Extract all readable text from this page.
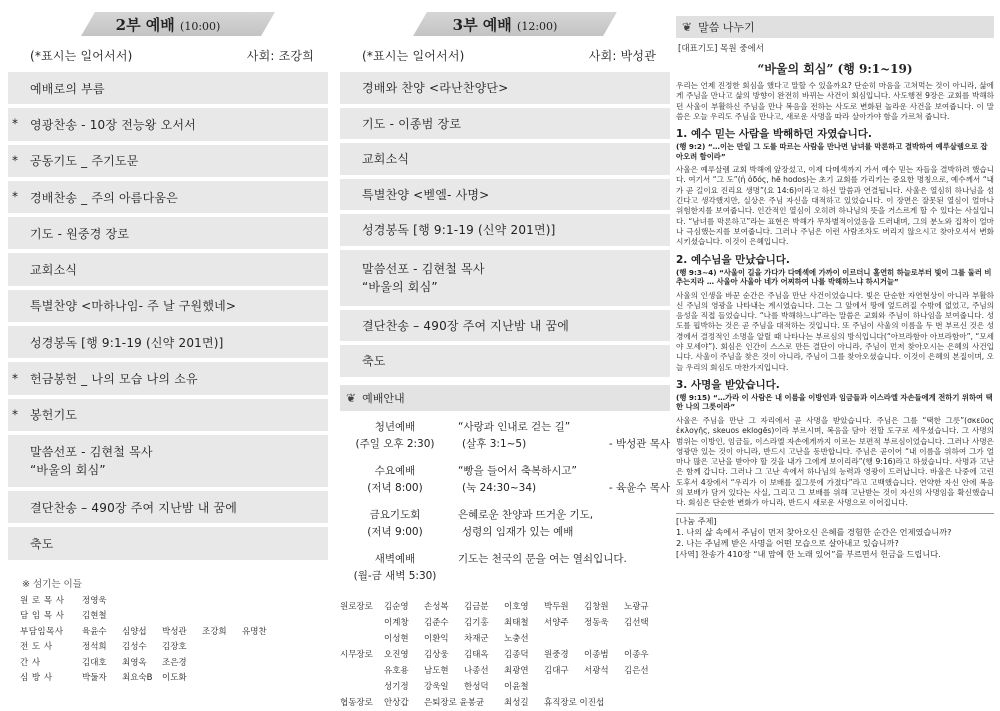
2부 예배 (10:00)
(*표시는 일어서서)	사회: 조강희
예배로의 부름
* 영광찬송 - 10장 전능왕 오서서
* 공동기도 _ 주기도문
* 경배찬송 _ 주의 아름다움은
기도 - 원중경 장로
교회소식
특별찬양 <마하나임- 주 날 구원했네>
성경봉독 [행 9:1-19 (신약 201면)]
* 헌금봉헌 _ 나의 모습 나의 소유
* 봉헌기도
말씀선포 - 김현철 목사
“바울의 회심”
결단찬송 – 490장 주여 지난밤 내 꿈에
축도
※ 섬기는 이들
원 로 목 사	정영욱
담 임 목 사	김현철
부담임목사	육윤수	심양섭	박성관	조강희	유명찬
전 도 사	정석희	김성수	김장호
간 사	김대호	최영옥	조은경
심 방 사	박둘자	최요숙B	이도화
3부 예배 (12:00)
(*표시는 일어서서)	사회: 박성관
경배와 찬양 <라난찬양단>
기도 - 이종범 장로
교회소식
특별찬양 <벧엘- 사명>
성경봉독 [행 9:1-19 (신약 201면)]
말씀선포 - 김현철 목사
“바울의 회심”
결단찬송 – 490장 주여 지난밤 내 꿈에
축도
❦ 예배안내
청년예배
(주일 오후 2:30)
“사랑과 인내로 걷는 길”
(살후 3:1~5)	- 박성관 목사
수요예배
(저녁 8:00)
“빵을 들어서 축복하시고”
(눅 24:30~34)	- 육윤수 목사
금요기도회
(저녁 9:00)
은혜로운 찬양과 뜨거운 기도,
성령의 임재가 있는 예배
새벽예배
(월-금 새벽 5:30)
기도는 천국의 문을 여는 열쇠입니다.
원로장로	김순영	손성복	김금분	이호영	박두원	김창원	노광규
이계창	김준수	김기홍	최태철	서양주	정동욱	김선택
이성현	이환익	차재군	노충선
시무장로	오진영	김상웅	김태옥	김종덕	원중경	이종범	이종우
유호용	남도현	나종선	최광연	김대구	서광석	김은선
성기정	강욱일	한성덕	이윤철
협동장로	안상갑	은퇴장로 윤봉균	최성길	휴직장로 이진섭
❦ 말씀 나누기
[대표기도] 목원 중에서
“바울의 회심” (행 9:1~19)
우리는 언제 진정한 회심을 했다고 말할 수 있을까요? 단순히 마음을 고쳐먹는 것이 아니라, 삶에게 주님을 만나고 삶의 방향이 완전히 바뀌는 사건이 회심입니다. 사도행전 9장은 교회를 박해하던 사울이 부활하신 주님을 만나 복음을 전하는 사도로 변화된 놀라운 사건을 보여줍니다. 이 말씀은 오늘 우리도 주님을 만나고, 새로운 사명을 따라 살아가야 함을 가르쳐 줍니다.
1. 예수 믿는 사람을 박해하던 자였습니다.
(행 9:2) “…이는 만일 그 도를 따르는 사람을 만나면 남녀를 막론하고 결박하여 예루살렘으로 잡아오려 함이라”
사울은 예루살렘 교회 박해에 앞장섰고, 이제 다메섹까지 가서 예수 믿는 자들을 결박하려 했습니다. 여기서 “그 도”(ἡ ὁδός, hē hodos)는 초기 교회를 가리키는 중요한 명칭으로, 예수께서 “내가 곧 길이요 진리요 생명”(요 14:6)이라고 하신 말씀과 연결됩니다. 사울은 열심히 하나님을 섬긴다고 생각했지만, 실상은 주님 자신을 대적하고 있었습니다. 이 장면은 잘못된 열심이 얼마나 위험한지를 보여줍니다. 인간적인 열심이 오히려 하나님의 뜻을 거스르게 할 수 있다는 사실입니다. “남녀를 막론하고”라는 표현은 박해가 무차별적이었음을 드러내며, 그의 분노와 집착이 얼마나 극심했는지를 보여줍니다. 그러나 주님은 이런 사람조차도 버리지 않으시고 찾아오셔서 변화시키셨습니다. 이것이 은혜입니다.
2. 예수님을 만났습니다.
(행 9:3~4) “사울이 길을 가다가 다메섹에 가까이 이르더니 홀연히 하늘로부터 빛이 그를 둘러 비추는지라 … 사울아 사울아 네가 어찌하여 나를 박해하느냐 하시거늘”
사울의 인생을 바꾼 순간은 주님을 만난 사건이었습니다. 빛은 단순한 자연현상이 아니라 부활하신 주님의 영광을 나타내는 계시였습니다. 그는 그 앞에서 땅에 엎드려질 수밖에 없었고, 주님의 음성을 직접 들었습니다. “나를 박해하느냐”라는 말씀은 교회와 주님이 하나임을 보여줍니다. 성도를 핍박하는 것은 곧 주님을 대적하는 것입니다. 또 주님이 사울의 이름을 두 번 부르신 것은 성경에서 결정적인 소명을 알릴 때 나타나는 부르심의 방식입니다(“아브라함아 아브라함아”, “모세야 모세야”). 회심은 인간이 스스로 만든 결단이 아니라, 주님이 먼저 찾아오시는 은혜의 사건입니다. 사울이 주님을 찾은 것이 아니라, 주님이 그를 찾아오셨습니다. 이것이 은혜의 본질이며, 오늘 우리의 회심도 마찬가지입니다.
3. 사명을 받았습니다.
(행 9:15) “…가라 이 사람은 내 이름을 이방인과 임금들과 이스라엘 자손들에게 전하기 위하여 택한 나의 그릇이라”
사울은 주님을 만난 그 자리에서 곧 사명을 받았습니다. 주님은 그를 “택한 그릇”(σκεῦος ἐκλογῆς, skeuos eklogēs)이라 부르시며, 복음을 담아 전할 도구로 세우셨습니다. 그 사명의 범위는 이방인, 임금들, 이스라엘 자손에게까지 이르는 보편적 부르심이었습니다. 그러나 사명은 영광만 있는 것이 아니라, 반드시 고난을 동반합니다. 주님은 곧이어 “내 이름을 위하여 그가 얼마나 많은 고난을 받아야 할 것을 내가 그에게 보이리라”(행 9:16)라고 하셨습니다. 사명과 고난은 함께 갑니다. 그러나 그 고난 속에서 하나님의 능력과 영광이 드러납니다. 바울은 나중에 고린도후서 4장에서 “우리가 이 보배를 질그릇에 가졌다”라고 고백했습니다. 연약한 자신 안에 복음의 보배가 담겨 있다는 사실, 그리고 그 보배를 위해 고난받는 것이 자신의 사명임을 확신했습니다. 회심은 단순한 변화가 아니라, 반드시 새로운 사명으로 이어집니다.
[나눔 주제]
1. 나의 삶 속에서 주님이 먼저 찾아오신 은혜를 경험한 순간은 언제였습니까?
2. 나는 주님께 받은 사명을 어떤 모습으로 살아내고 있습니까?
[사역] 찬송가 410장 “내 맘에 한 노래 있어”를 부르면서 헌금을 드립니다.
